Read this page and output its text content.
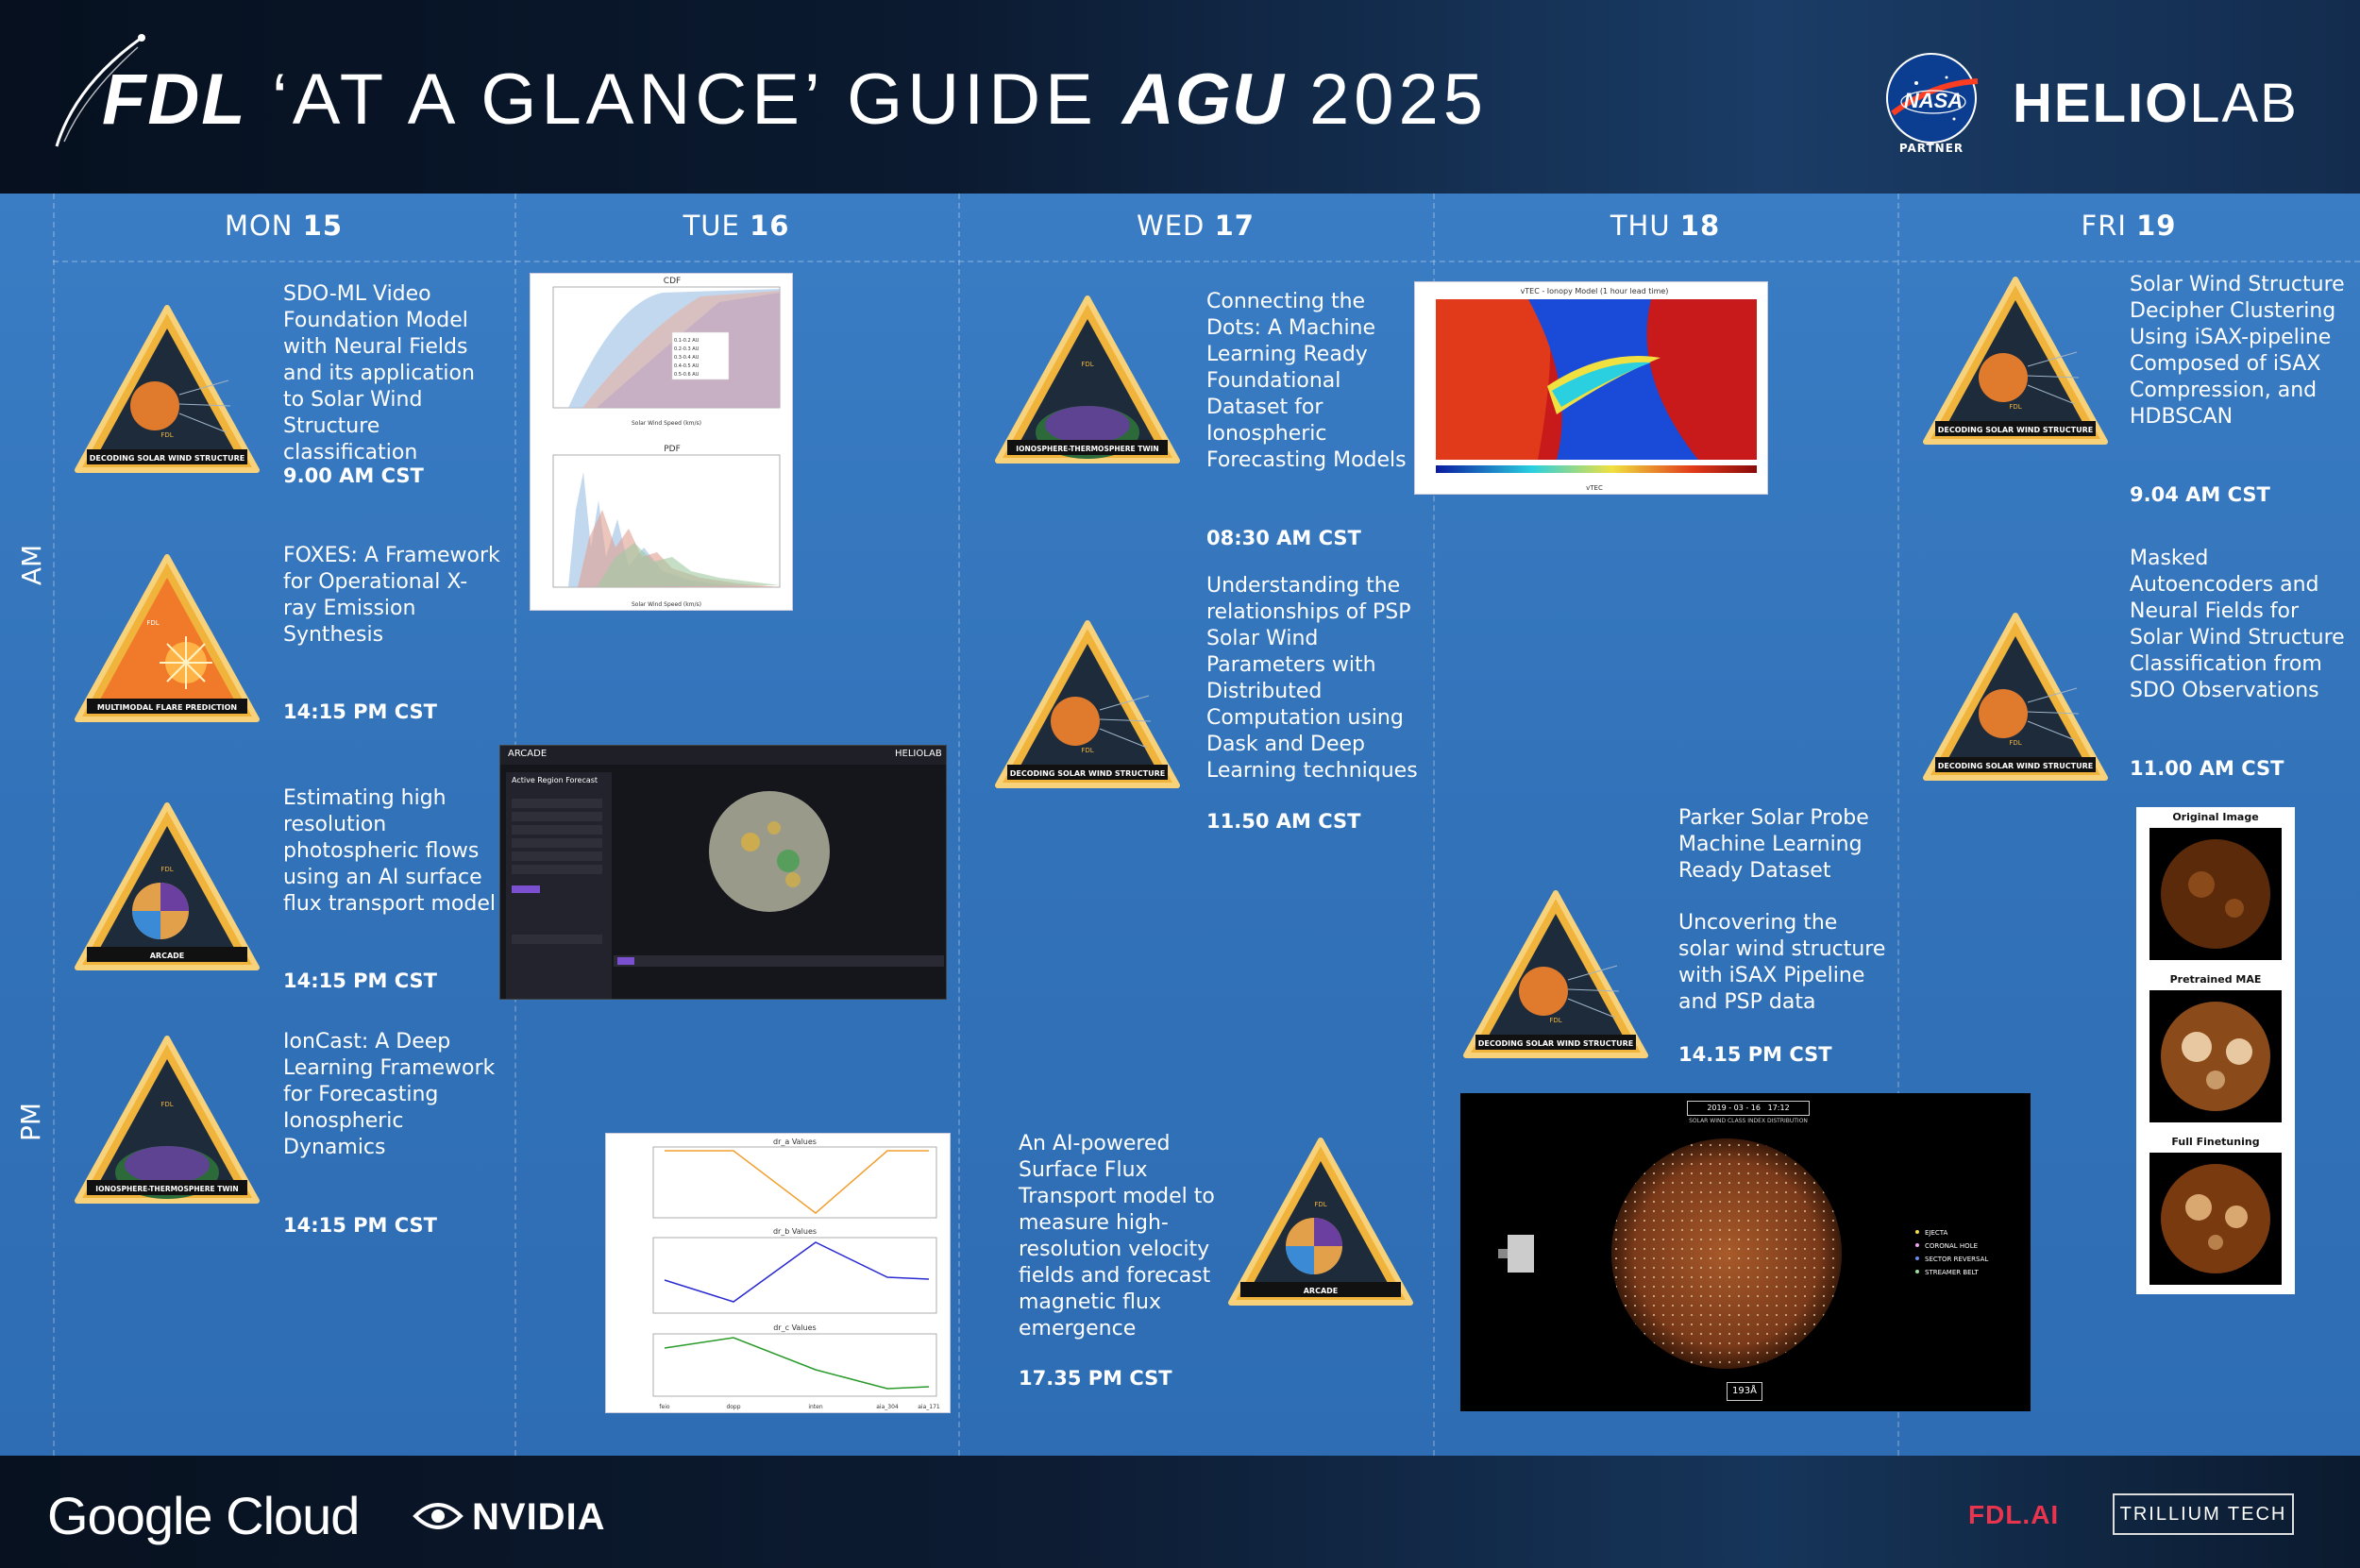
FDL ‘AT A GLANCE’ GUIDE AGU 2025	NASA
PARTNER
HELIOLAB
MON 15	TUE 16	WED 17	THU 18	FRI 19
AM
PM
FDL
DECODING SOLAR WIND STRUCTURE
SDO-ML Video Foundation Model with Neural Fields and its application to Solar Wind Structure classification
9.00 AM CST
FDL
MULTIMODAL FLARE PREDICTION
FOXES: A Framework for Operational X-ray Emission Synthesis
14:15 PM CST
FDL
ARCADE
Estimating high resolution photospheric flows using an AI surface flux transport model
14:15 PM CST
FDL
IONOSPHERE-THERMOSPHERE TWIN
IonCast: A Deep Learning Framework for Forecasting Ionospheric Dynamics
14:15 PM CST
CDF
0.1-0.2 AU
0.2-0.3 AU
0.3-0.4 AU
0.4-0.5 AU
0.5-0.6 AU
Solar Wind Speed (km/s)
PDF
Solar Wind Speed (km/s)
ARCADE	HELIOLAB
Active Region Forecast
dr_a Values
dr_b Values
dr_c Values
feio	dopp	inten	aia_304	aia_171
An AI-powered Surface Flux Transport model to measure high-resolution velocity fields and forecast magnetic flux emergence
17.35 PM CST
FDL
IONOSPHERE-THERMOSPHERE TWIN
Connecting the Dots: A Machine Learning Ready Foundational Dataset for Ionospheric Forecasting Models
08:30 AM CST
FDL
DECODING SOLAR WIND STRUCTURE
Understanding the relationships of PSP Solar Wind Parameters with Distributed Computation using Dask and Deep Learning techniques
11.50 AM CST
FDL
ARCADE
vTEC - Ionopy Model (1 hour lead time)
vTEC
Parker Solar Probe Machine Learning Ready Dataset
Uncovering the solar wind structure with iSAX Pipeline and PSP data
14.15 PM CST
FDL
DECODING SOLAR WIND STRUCTURE
2019 - 03 - 16 17:12
SOLAR WIND CLASS INDEX DISTRIBUTION
EJECTA
CORONAL HOLE
SECTOR REVERSAL
STREAMER BELT
193Å
FDL
DECODING SOLAR WIND STRUCTURE
Solar Wind Structure Decipher Clustering Using iSAX-pipeline Composed of iSAX Compression, and HDBSCAN
9.04 AM CST
FDL
DECODING SOLAR WIND STRUCTURE
Masked Autoencoders and Neural Fields for Solar Wind Structure Classification from SDO Observations
11.00 AM CST
Original Image
Pretrained MAE
Full Finetuning
Google Cloud	NVIDIA	FDL.AI	TRILLIUM TECH
